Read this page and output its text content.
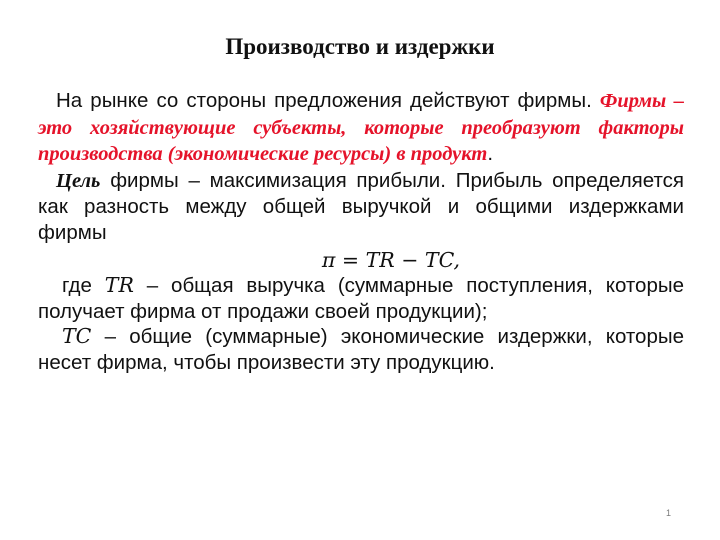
Производство и издержки

На рынке со стороны предложения действуют фирмы. Фирмы – это хозяйствующие субъекты, которые преобразуют факторы производства (экономические ресурсы) в продукт.

Цель фирмы – максимизация прибыли. Прибыль определяется как разность между общей выручкой и общими издержками фирмы

π = TR − TC,

где TR – общая выручка (суммарные поступления, которые получает фирма от продажи своей продукции);

TC – общие (суммарные) экономические издержки, которые несет фирма, чтобы произвести эту продукцию.

1
